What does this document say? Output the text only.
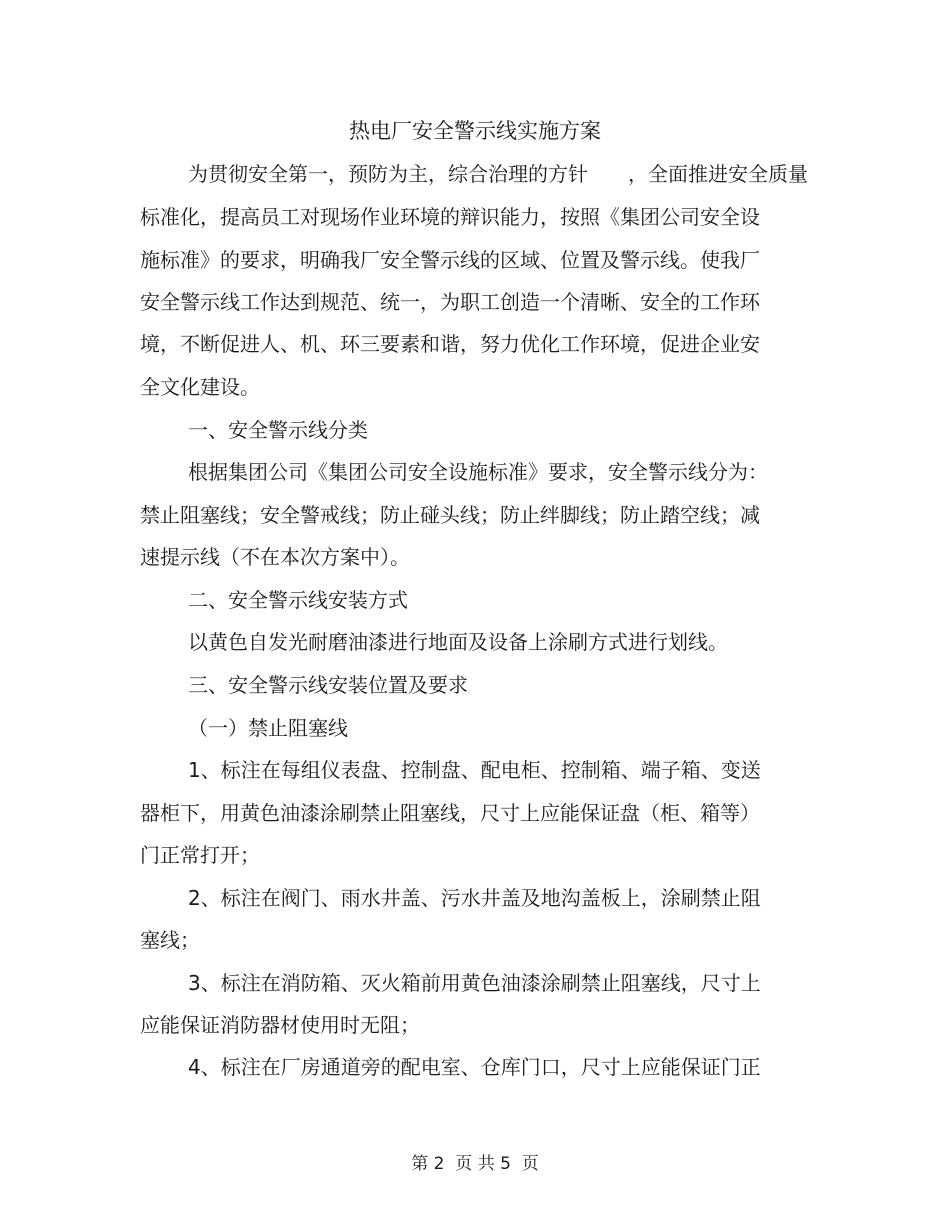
热电厂安全警示线实施方案
为贯彻安全第一，预防为主，综合治理的方针　　，全面推进安全质量
标准化，提高员工对现场作业环境的辩识能力，按照《集团公司安全设
施标准》的要求，明确我厂安全警示线的区域、位置及警示线。使我厂
安全警示线工作达到规范、统一，为职工创造一个清晰、安全的工作环
境，不断促进人、机、环三要素和谐，努力优化工作环境，促进企业安
全文化建设。
一、安全警示线分类
根据集团公司《集团公司安全设施标准》要求，安全警示线分为：
禁止阻塞线；安全警戒线；防止碰头线；防止绊脚线；防止踏空线；减
速提示线（不在本次方案中）。
二、安全警示线安装方式
以黄色自发光耐磨油漆进行地面及设备上涂刷方式进行划线。
三、安全警示线安装位置及要求
（一）禁止阻塞线
1、标注在每组仪表盘、控制盘、配电柜、控制箱、端子箱、变送
器柜下，用黄色油漆涂刷禁止阻塞线，尺寸上应能保证盘（柜、箱等）
门正常打开；
2、标注在阀门、雨水井盖、污水井盖及地沟盖板上，涂刷禁止阻
塞线；
3、标注在消防箱、灭火箱前用黄色油漆涂刷禁止阻塞线，尺寸上
应能保证消防器材使用时无阻；
4、标注在厂房通道旁的配电室、仓库门口，尺寸上应能保证门正
第 2  页 共 5  页
